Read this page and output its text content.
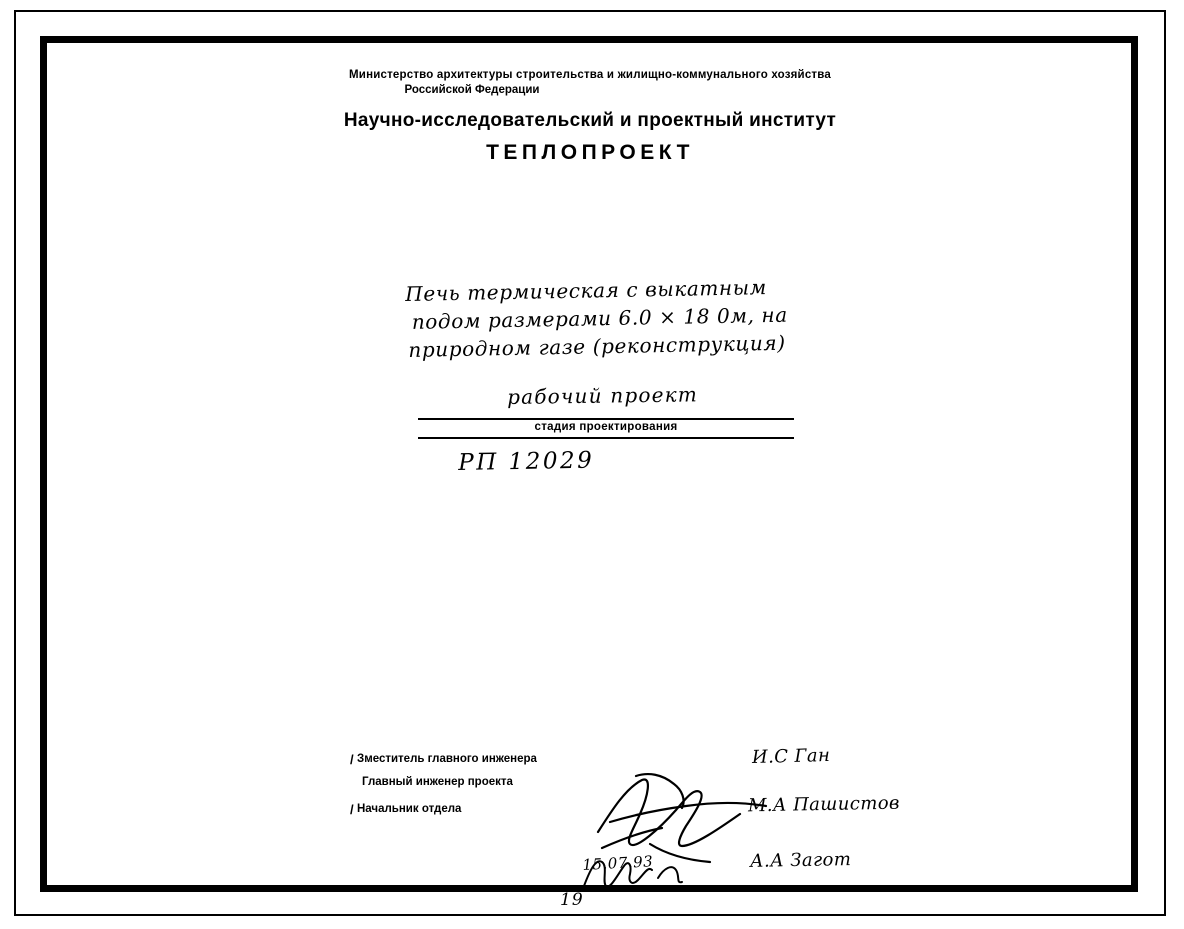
Министерство архитектуры строительства и жилищно-коммунального хозяйства
Российской Федерации
Научно-исследовательский и проектный институт
ТЕПЛОПРОЕКТ
Печь термическая с выкатным
подом размерами 6.0 × 18 0м, на
природном газе (реконструкция)
рабочий проект
стадия проектирования
РП 12029
/ Зместитель главного инженера	И.С Ган
Главный инженер проекта
М.А Пашистов
/ Начальник отдела
А.А Загот
15.07.93
19
